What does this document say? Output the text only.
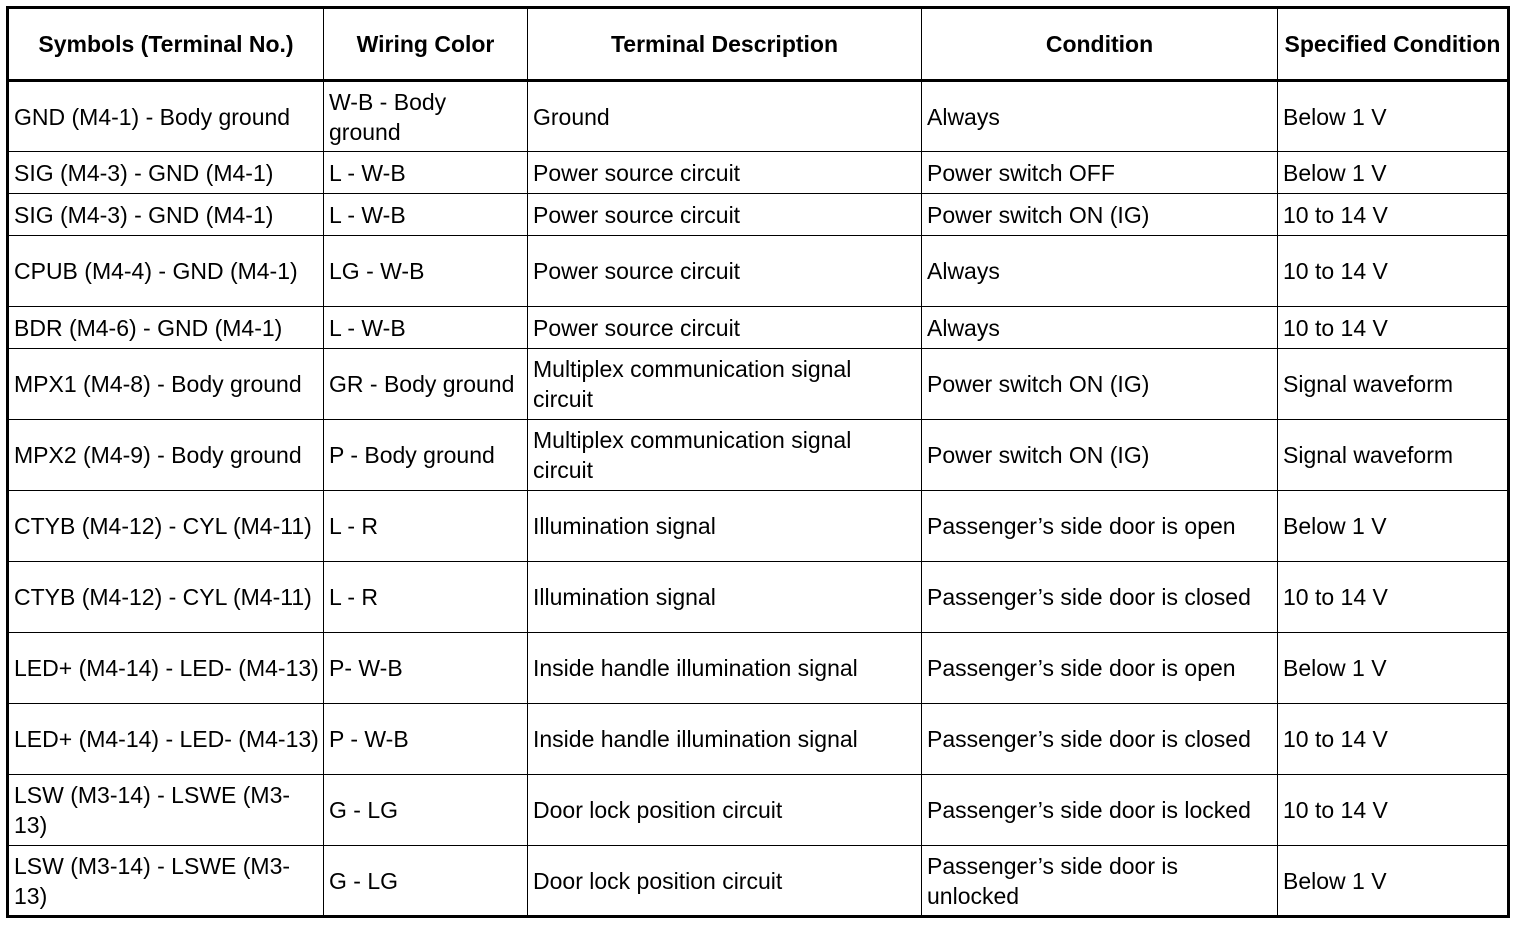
Symbols (Terminal No.)	Wiring Color	Terminal Description	Condition	Specified Condition
GND (M4-1) - Body ground	W-B - Body ground	Ground	Always	Below 1 V
SIG (M4-3) - GND (M4-1)	L - W-B	Power source circuit	Power switch OFF	Below 1 V
SIG (M4-3) - GND (M4-1)	L - W-B	Power source circuit	Power switch ON (IG)	10 to 14 V
CPUB (M4-4) - GND (M4-1)	LG - W-B	Power source circuit	Always	10 to 14 V
BDR (M4-6) - GND (M4-1)	L - W-B	Power source circuit	Always	10 to 14 V
MPX1 (M4-8) - Body ground	GR - Body ground	Multiplex communication signal circuit	Power switch ON (IG)	Signal waveform
MPX2 (M4-9) - Body ground	P - Body ground	Multiplex communication signal circuit	Power switch ON (IG)	Signal waveform
CTYB (M4-12) - CYL (M4-11)	L - R	Illumination signal	Passenger’s side door is open	Below 1 V
CTYB (M4-12) - CYL (M4-11)	L - R	Illumination signal	Passenger’s side door is closed	10 to 14 V
LED+ (M4-14) - LED- (M4-13)	P- W-B	Inside handle illumination signal	Passenger’s side door is open	Below 1 V
LED+ (M4-14) - LED- (M4-13)	P - W-B	Inside handle illumination signal	Passenger’s side door is closed	10 to 14 V
LSW (M3-14) - LSWE (M3-13)	G - LG	Door lock position circuit	Passenger’s side door is locked	10 to 14 V
LSW (M3-14) - LSWE (M3-13)	G - LG	Door lock position circuit	Passenger’s side door is unlocked	Below 1 V
